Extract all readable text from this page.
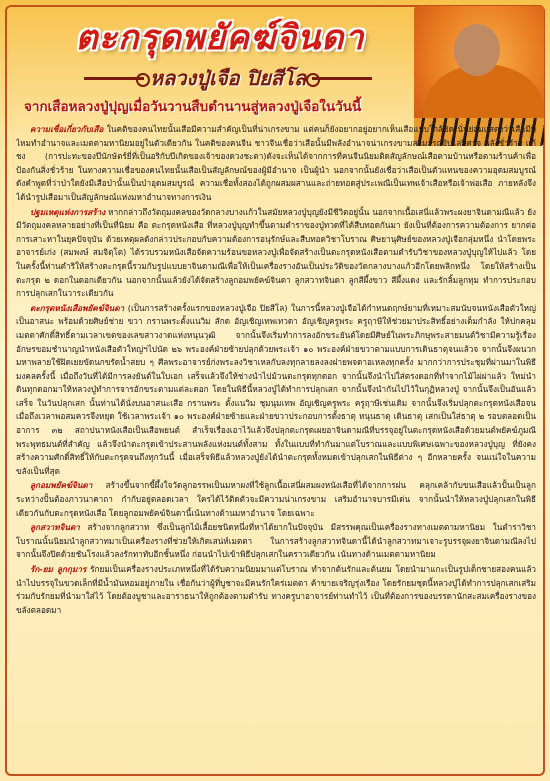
ตะกรุดพยัคฆ์จินดา
หลวงปู่เจือ ปิยสีโล
จากเสือหลวงปู่ปุญเมื่อวันวานสืบตำนานสู่หลวงปู่เจือในวันนี้

ความเชื่อเกี่ยวกับเสือ ในคติของคนไทยนั้นเสือมีความสำคัญเป็นที่น่าเกรงขาม แต่คนก็ยังอยากอยู่อยากเห็นเสือแบบใกล้ชิด นั่นย่อมแสดงว่าเสือมีที่ไหมทำอำนาจและเมตตามหานิยมอยู่ในตัวเดียวกัน ในคติของคนจีน ชาวจีนเชื่อว่าเสือนั้นมีพลังอำนาจน่าเกรงขามสามารถขับไล่ปีศาจ พลังชั่วร้าย แก้ชง (การปะทะของปีนักษัตร์ยี่ที่เป็นอริกับปีเกิดของเจ้าของดวงชะตา)ดังจะเห็นได้จากการที่คนจีนนิยมติดสัญลักษณ์เสือตามบ้านหรือตามร้านค้าเพื่อป้องกันสิ่งชั่วร้าย ในทางความเชื่อของคนไทยนั้นเสือเป็นสัญลักษณ์ของผู้มีอำนาจ เป็นผู้นำ นอกจากนั้นยังเชื่อว่าเสือเป็นตัวแทนของความอุดมสมบูรณ์ ดังคำพูดที่ว่าป่าใดยังมีเสือป่านั้นเป็นป่าอุดมสมบูรณ์ ความเชื่อทั้งสองได้ถูกผสมผสานและถ่ายทอดสู่ประเพณีเป็นเทพเจ้าเสือหรือเจ้าพ่อเสือ ภายหลังจึงได้นำรูปเสือมาเป็นสัญลักษณ์แห่งมหาอำนาจทางการเงิน

ปฐมเหตุแห่งการสร้าง หากกล่าวถึงวัตถุมงคลของวัดกลางบางแก้วในสมัยหลวงปู่บุญยังมีชีวิตอยู่นั้น นอกจากเนื้อเสนี่แล้วพระผงยาจินดามณีแล้ว ยังมีวัตถุมงคลหลายอย่างที่เป็นที่นิยม คือ ตะกรุดหนังเสือ ที่หลวงปู่บุญทำขึ้นตามตำราของปู่ทวดที่ได้สืบทอดกันมา ยังเป็นที่ต้องการความต้องการ ยากต่อการเสาะหาในยุคปัจจุบัน ด้วยเหตุผลดังกล่าวประกอบกับความต้องการอนุรักษ์และสืบทอดวิชาโบราณ ศิษยานุศิษย์ของหลวงปู่เจือกลุ่มหนึ่ง นำโดยพระอาจารย์เก่ง (สมพงษ์ สมจิตฺโต) ได้รวบรวมหนังเสือจัดความร้อนขอหลวงปู่เพื่อจัดสร้างเป็นตะกรุดหนังเสือตามตำรับวิชาของหลวงปู่บุญให้ไปแล้ว โดยในครั้งนี้ท่านดำริให้สร้างตะกรุดนี้รวมกับรูปแบบยาจินดามณีเพื่อให้เป็นเครื่องรางอันเป็นประวัติของวัดกลางบางแก้วอีกโดยพลิกหนึ่ง โดยให้สร้างเป็นตะกรุด ๒ ดอกในดอกเดียวกัน นอกจากนั้นแล้วยังได้จัดสร้างลูกอมพยัคฆ์จินดา ลูกสวาทจินดา ลูกสีผึ้งขาว สีผึ้งแดง และรักลิ้มลูกทุม ทำการประกอบการปลุกเสกในวาระเดียวกัน

ตะกรุดหนังเสือพยัคฆ์จินดา (เป็นการสร้างครั้งแรกของหลวงปู่เจือ ปิยสีโล) ในการนี้หลวงปู่เจือได้กำหนดฤกษ์ยามที่เหมาะสมนับจนหนังเสือตัวใหญ่เป็นอาสนะ พร้อมด้วยศิษย์ช่าย ขวา กรานพระตั้งแนวิม สักด อัญเชิญเทพเทวดา อัญเชิญครูพระ ครูฤาษีให้ช่วยมาประสิทธิ์อย่างเต็มกำลัง ให้ปกคลุมเมตตาศักดิ์สิทธิ์ตามเวลาเขตของเลขสาวงาดแห่งหนุนวุฒิ จากนั้นจึงเริ่มทำการลงอักขระยันต์โดยมีศิษย์ในพระภิกษุพระสายมนต์วิชามีความรู้เรื่องอักษรขอมชำนาญนำหนังเสือตัวใหญ่ฯไปนัด ๒๖ พระองค์ฝ่ายซ้ายปลุกด้วยพระเจ้า ๑๐ พระองค์ฝ่ายขวาตามแบบการเดินธาตุจนแล้วจ จากนั้นจึงผนวกมหาพลายใช้ฝิดเยยขัดนกขรัดน้ำสยบ ๆ ศีลพระอาจารย์ก่งพระลงวิชาเหลกับลงทุกลายลงลงฝายพจดาอเหลงทุกครั้ง มากกว่าการประชุมที่ผ่านมาในพิธีมงคลครั้งนี้ เมื่อถึงวันที่ได้มีการลงยันต์ในใบเอก เสร็จแล้วจึงให้ช่างนำไปม้วนตะกรุดทุกดอก จากนั้นจึงนำไปใส่ตรงดอกที่ทำจากไม้ไผ่ผ่าแล้ว ใหม่นำดินทุกดอกมาให้หลวงปู่ทำการจารอักขระตามแต่ละดอก โดยในพิธีนี้หลวงปู่ได้ทำการปลุกเสก จากนั้นจึงนำกันไปไว้ในกุฏิหลวงปู่ จากนั้นจึงเป็นอันแล้วเสร็จ ในวันปลุกเสก นั้นท่านได้นั่งบนอาสนะเสือ กรานพระ ตั้งแนวิม ชุมนุมเทพ อัญเชิญครูพระ ครูฤาษีเช่นเดิม จากนั้นจึงเริ่มปลุกตะกรุดหนังเสือจนเมื่อถึงเวลาพอสมควรจึงหยุด ใช้เวลาพระเจ้า ๑๐ พระองค์ฝ่ายซ้ายและฝ่ายขวาประกอบการตั้งธาตุ หนุนธาตุ เดินธาตุ เสกเป็นใส่ธาตุ ๒ รอบตลอดเป็นอาการ ๓๒ สถาปนาหนังเสือเป็นเสือพยนต์ สำเร็จเรื่องเอาไว้แล้วจึงปลุกตะกรุดเผยอาจินดามณีที่บรรจุอยู่ในตะกรุดหนังเสือด้วยมนต์พยัคฆ์ภูมณี พระพุทธมนต์ที่สำคัญ แล้วจึงนำตะกรุดเข้าประสานพลังแห่งมนต์ทั้งสาม ทั้งในแบบที่ทำกันมาแต่โบราณและแบบพิเศษเฉพาะของหลวงปู่บุญ ที่ยังคงสร้างความศักดิ์สิทธิ์ให้กับตะกรุดจนถึงทุกวันนี้ เมื่อเสร็จพิธีแล้วหลวงปู่ยังได้นำตะกรุดทั้งหมดเข้าปลุกเสกในพิธีต่าง ๆ อีกหลายครั้ง จนแน่ใจในความขลังเป็นที่สุด

ลูกอมพยัคฆ์จินดา สร้างขึ้นจากขี้ผึ้งใจวัดลูกอรรพเป็นมหาผงที่ใช้ลูกเนื้อเสนี่ผสมผงหนังเสือที่ได้จากการฝน คลุกเคล้ากับขนเสือแล้วปั้นเป็นลูก ระหว่างปั้นต้องภาวนาคาถา กำกับอยู่ตลอดเวลา ใครได้ไว้ติดตัวจะมีความน่าเกรงขาม เสริมอำนาจบารมีเด่น จากนั้นนำให้หลวงปู่ปลุกเสกในพิธีเดียวกันกับตะกรุดหนังเสือ โดยลูกอมพยัคฆ์จินดานี้เน้นทางด้านมหาอำนาจ โดยเฉพาะ

ลูกสวาทจินดา สร้างจากลูกสวาท ซึ่งเป็นลูกไม้เลื้อยชนิดหนึ่งที่หาได้ยากในปัจจุบัน มีสรรพคุณเป็นเครื่องรางทางเมตตามหานิยม ในตำราวิชาโบราณนั้นนิยมนำลูกสวาทมาเป็นเครื่องรางที่ช่วยให้เกิดเสน่ห์เมตตา ในการสร้างลูกสวาทจินดานี้ได้นำลูกสวาทมาเจาะรูบรรจุผงยาจินดามณีลงไป จากนั้นจึงปิดด้วยชันโรงแล้วลงรักทาทับอีกชั้นหนึ่ง ก่อนนำไปเข้าพิธีปลุกเสกในคราวเดียวกัน เน้นทางด้านเมตตามหานิยม

รัก-ยม ลูกกุมาร รักยมเป็นเครื่องรางประเภทหนึ่งที่ได้รับความนิยมมาแต่โบราณ ทำจากต้นรักและต้นยม โดยนำมาแกะเป็นรูปเด็กชายสองคนแล้วนำไปบรรจุในขวดเล็กที่มีน้ำมันหอมอยู่ภายใน เชื่อกันว่าผู้ที่บูชาจะมีคนรักใคร่เมตตา ค้าขายเจริญรุ่งเรือง โดยรักยมชุดนี้หลวงปู่ได้ทำการปลุกเสกเสริมร่วมกับรักยมที่นำมาใส่ไว้ โดยต้องบูชาและอาราธนาให้ถูกต้องตามตำรับ ทางครูบาอาจารย์ท่านทำไว้ เป็นที่ต้องการของบรรดานักสะสมเครื่องรางของขลังตลอดมา
